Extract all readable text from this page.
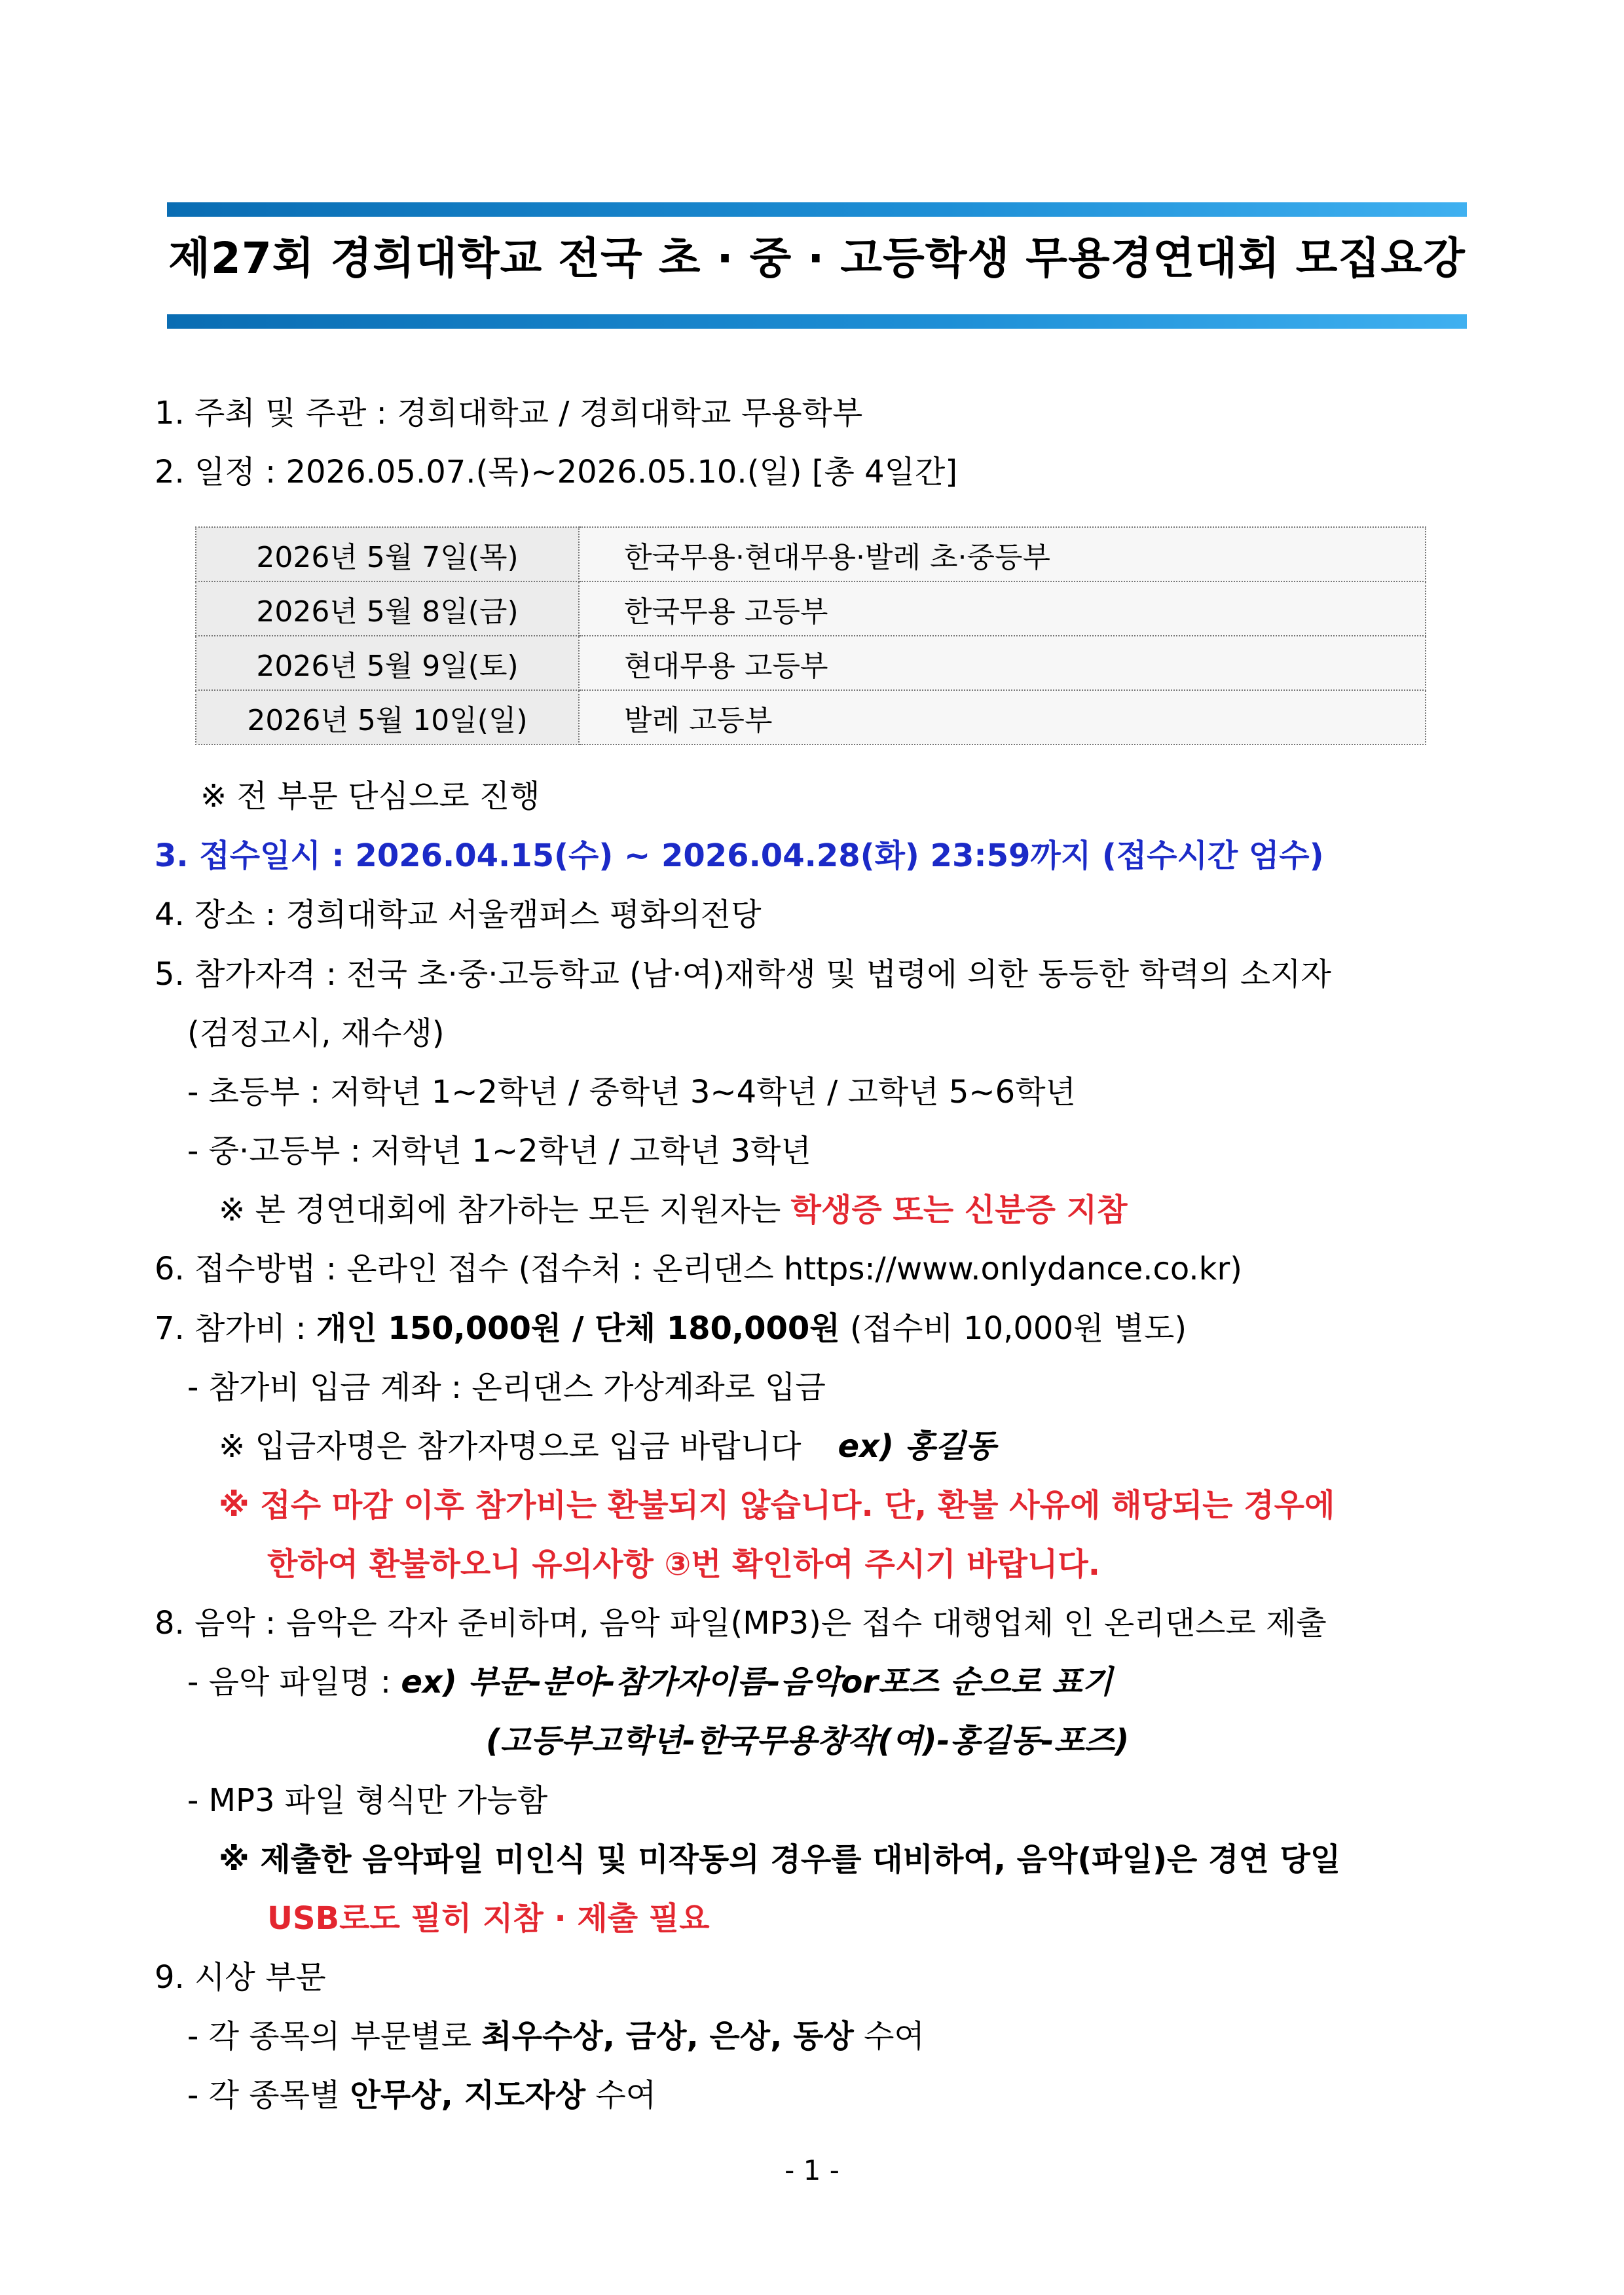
제27회 경희대학교 전국 초 · 중 · 고등학생 무용경연대회 모집요강
1. 주최 및 주관 : 경희대학교 / 경희대학교 무용학부
2. 일정 : 2026.05.07.(목)~2026.05.10.(일) [총 4일간]
2026년 5월 7일(목)	한국무용·현대무용·발레 초·중등부
2026년 5월 8일(금)	한국무용 고등부
2026년 5월 9일(토)	현대무용 고등부
2026년 5월 10일(일)	발레 고등부
※ 전 부문 단심으로 진행
3. 접수일시 : 2026.04.15(수) ~ 2026.04.28(화) 23:59까지 (접수시간 엄수)
4. 장소 : 경희대학교 서울캠퍼스 평화의전당
5. 참가자격 : 전국 초·중·고등학교 (남·여)재학생 및 법령에 의한 동등한 학력의 소지자
(검정고시, 재수생)
- 초등부 : 저학년 1~2학년 / 중학년 3~4학년 / 고학년 5~6학년
- 중·고등부 : 저학년 1~2학년 / 고학년 3학년
※ 본 경연대회에 참가하는 모든 지원자는 학생증 또는 신분증 지참
6. 접수방법 : 온라인 접수 (접수처 : 온리댄스 https://www.onlydance.co.kr)
7. 참가비 : 개인 150,000원 / 단체 180,000원 (접수비 10,000원 별도)
- 참가비 입금 계좌 : 온리댄스 가상계좌로 입금
※ 입금자명은 참가자명으로 입금 바랍니다 ex) 홍길동
※ 접수 마감 이후 참가비는 환불되지 않습니다. 단, 환불 사유에 해당되는 경우에
한하여 환불하오니 유의사항 ③번 확인하여 주시기 바랍니다.
8. 음악 : 음악은 각자 준비하며, 음악 파일(MP3)은 접수 대행업체 인 온리댄스로 제출
- 음악 파일명 : ex) 부문-분야-참가자이름-음악or포즈 순으로 표기
(고등부고학년-한국무용창작(여)-홍길동-포즈)
- MP3 파일 형식만 가능함
※ 제출한 음악파일 미인식 및 미작동의 경우를 대비하여, 음악(파일)은 경연 당일
USB로도 필히 지참 · 제출 필요
9. 시상 부문
- 각 종목의 부문별로 최우수상, 금상, 은상, 동상 수여
- 각 종목별 안무상, 지도자상 수여
- 1 -
